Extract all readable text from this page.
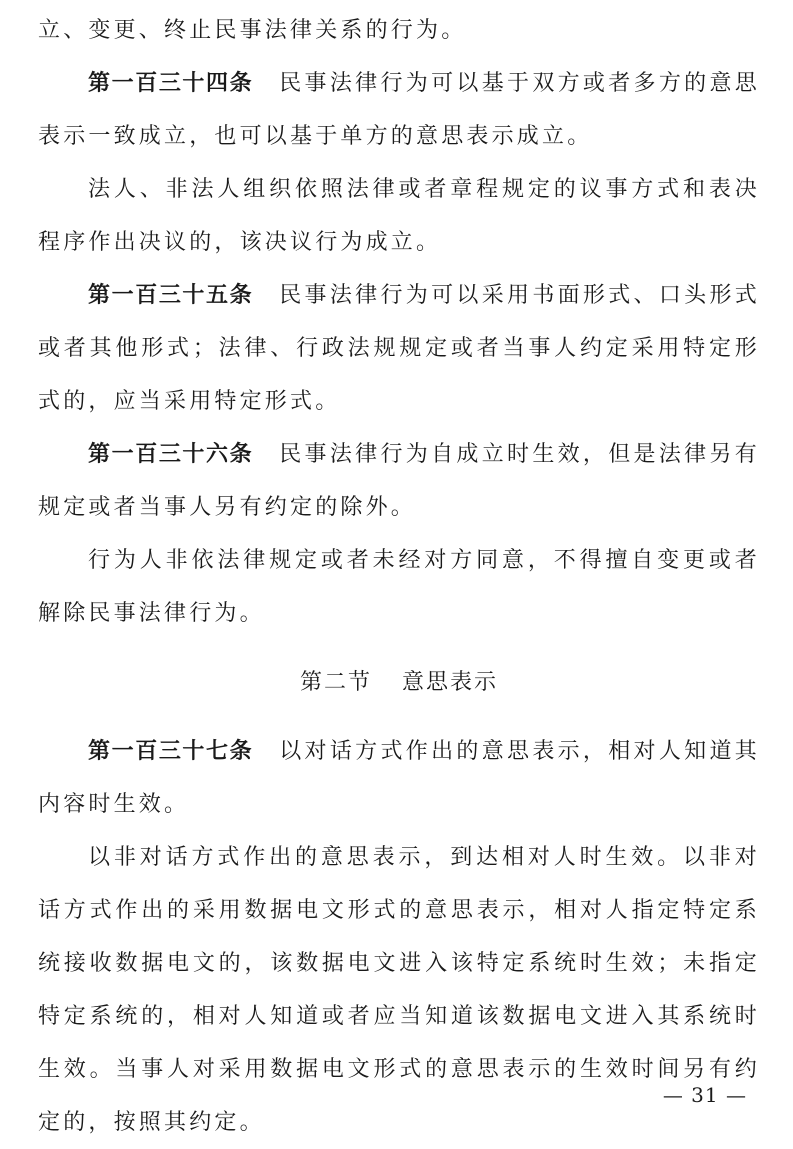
立、变更、终止民事法律关系的行为。

第一百三十四条 民事法律行为可以基于双方或者多方的意思表示一致成立，也可以基于单方的意思表示成立。

法人、非法人组织依照法律或者章程规定的议事方式和表决程序作出决议的，该决议行为成立。

第一百三十五条 民事法律行为可以采用书面形式、口头形式或者其他形式；法律、行政法规规定或者当事人约定采用特定形式的，应当采用特定形式。

第一百三十六条 民事法律行为自成立时生效，但是法律另有规定或者当事人另有约定的除外。

行为人非依法律规定或者未经对方同意，不得擅自变更或者解除民事法律行为。

第二节 意思表示

第一百三十七条 以对话方式作出的意思表示，相对人知道其内容时生效。

以非对话方式作出的意思表示，到达相对人时生效。以非对话方式作出的采用数据电文形式的意思表示，相对人指定特定系统接收数据电文的，该数据电文进入该特定系统时生效；未指定特定系统的，相对人知道或者应当知道该数据电文进入其系统时生效。当事人对采用数据电文形式的意思表示的生效时间另有约定的，按照其约定。

— 31 —
